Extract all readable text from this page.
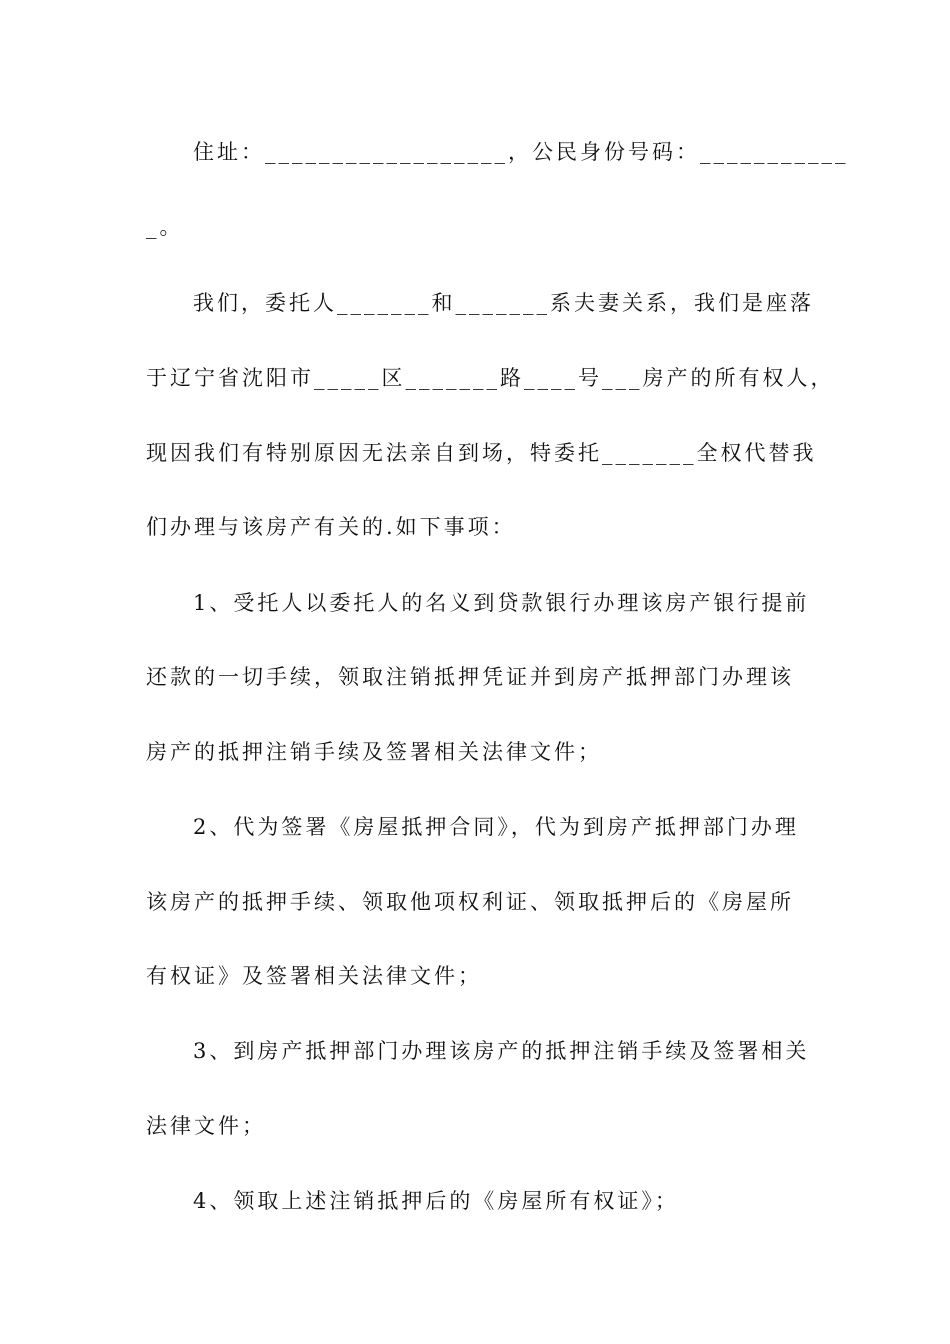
住址：__________________，公民身份号码：___________
_。
我们，委托人_______和_______系夫妻关系，我们是座落
于辽宁省沈阳市_____区_______路____号___房产的所有权人，
现因我们有特别原因无法亲自到场，特委托_______全权代替我
们办理与该房产有关的.如下事项：
1、受托人以委托人的名义到贷款银行办理该房产银行提前
还款的一切手续，领取注销抵押凭证并到房产抵押部门办理该
房产的抵押注销手续及签署相关法律文件；
2、代为签署《房屋抵押合同》，代为到房产抵押部门办理
该房产的抵押手续、领取他项权利证、领取抵押后的《房屋所
有权证》及签署相关法律文件；
3、到房产抵押部门办理该房产的抵押注销手续及签署相关
法律文件；
4、领取上述注销抵押后的《房屋所有权证》；
